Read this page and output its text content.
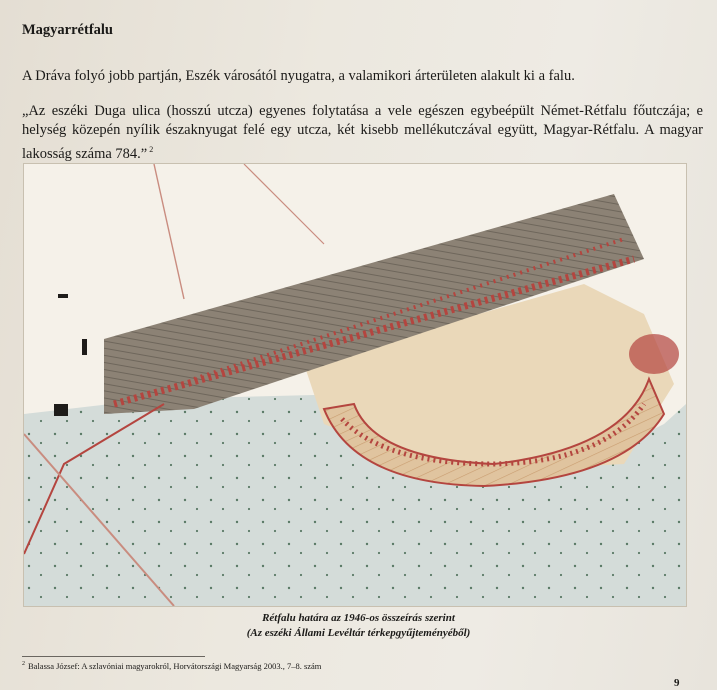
Magyarrétfalu
A Dráva folyó jobb partján, Eszék városától nyugatra, a valamikori árterületen alakult ki a falu.
„Az eszéki Duga ulica (hosszú utcza) egyenes folytatása a vele egészen egybeépült Német-Rétfalu főutczája; e helység közepén nyílik északnyugat felé egy utcza, két kisebb mellékutczával együtt, Magyar-Rétfalu. A magyar lakosság száma 784.” $^2$
Rétfalu határa az 1946-os összeírás szerint
(Az eszéki Állami Levéltár térkepgyűjteményéből)
$^2$ Balassa József: A szlavóniai magyarokról, Horvátországi Magyarság 2003., 7–8. szám
9
